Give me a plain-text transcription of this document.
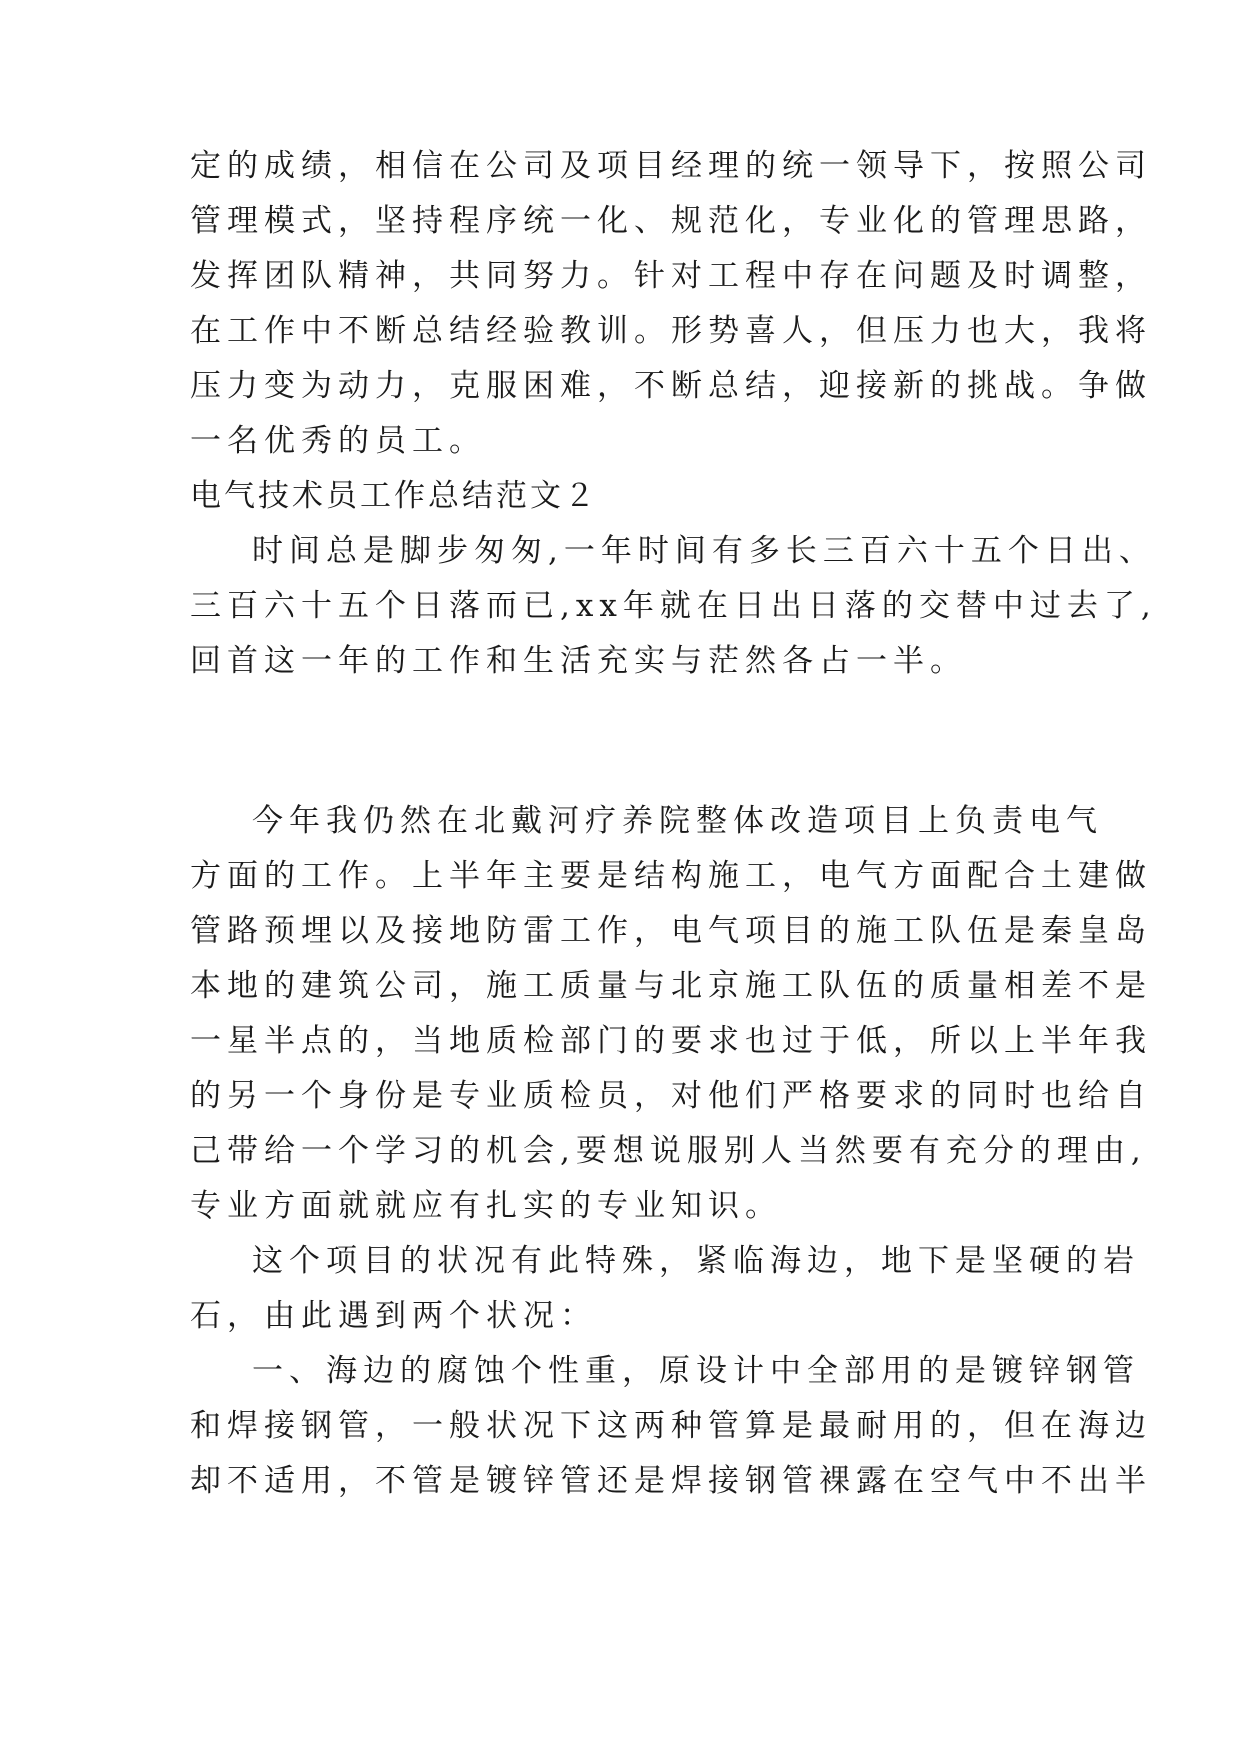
定的成绩，相信在公司及项目经理的统一领导下，按照公司
管理模式，坚持程序统一化、规范化，专业化的管理思路，
发挥团队精神，共同努力。针对工程中存在问题及时调整，
在工作中不断总结经验教训。形势喜人，但压力也大，我将
压力变为动力，克服困难，不断总结，迎接新的挑战。争做
一名优秀的员工。
电气技术员工作总结范文２
时间总是脚步匆匆,一年时间有多长三百六十五个日出、
三百六十五个日落而已,xx年就在日出日落的交替中过去了,
回首这一年的工作和生活充实与茫然各占一半。
今年我仍然在北戴河疗养院整体改造项目上负责电气
方面的工作。上半年主要是结构施工，电气方面配合土建做
管路预埋以及接地防雷工作，电气项目的施工队伍是秦皇岛
本地的建筑公司，施工质量与北京施工队伍的质量相差不是
一星半点的，当地质检部门的要求也过于低，所以上半年我
的另一个身份是专业质检员，对他们严格要求的同时也给自
己带给一个学习的机会,要想说服别人当然要有充分的理由,
专业方面就就应有扎实的专业知识。
这个项目的状况有此特殊，紧临海边，地下是坚硬的岩
石，由此遇到两个状况：
一、海边的腐蚀个性重，原设计中全部用的是镀锌钢管
和焊接钢管，一般状况下这两种管算是最耐用的，但在海边
却不适用，不管是镀锌管还是焊接钢管裸露在空气中不出半
